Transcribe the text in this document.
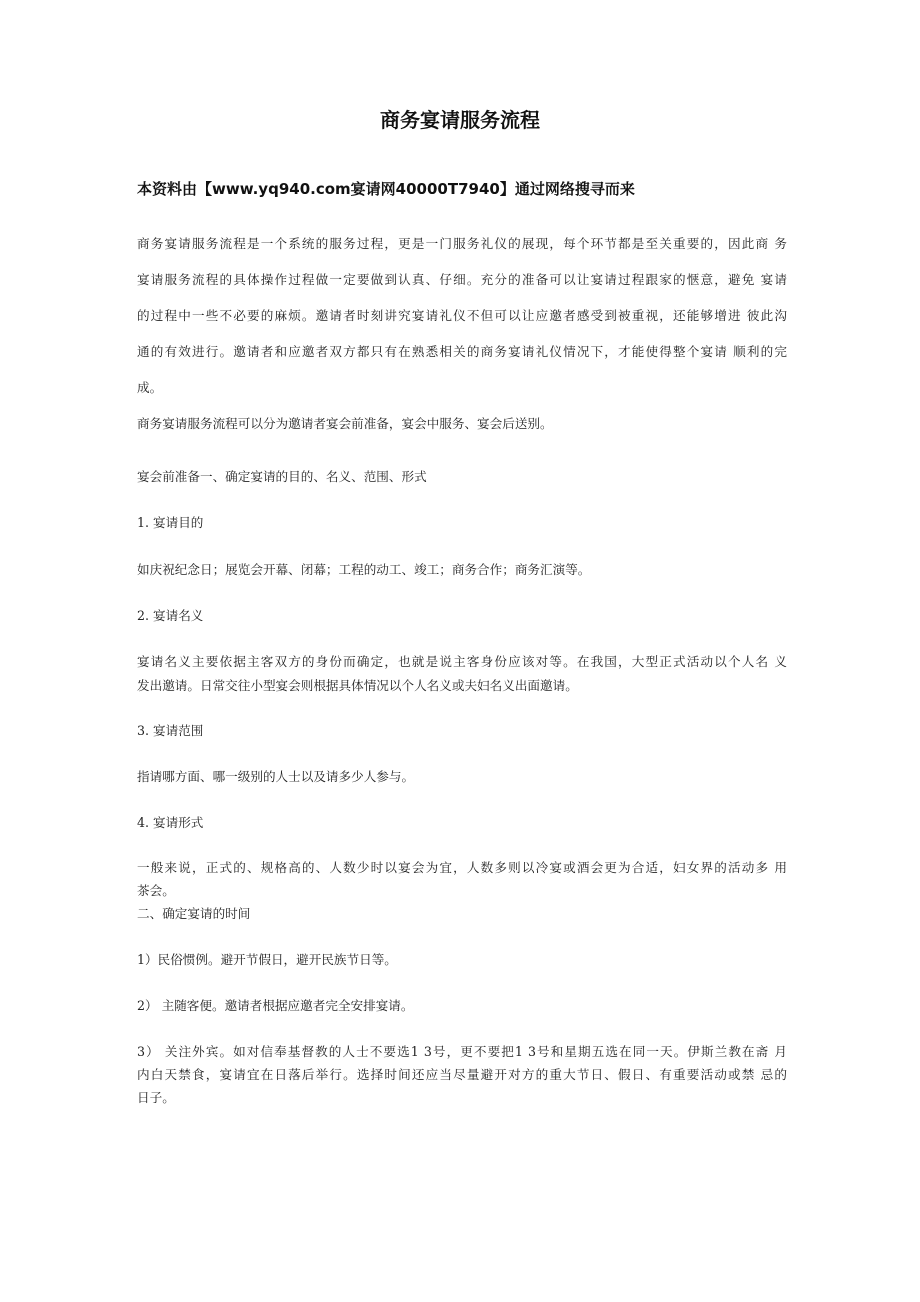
商务宴请服务流程
本资料由【www.yq940.com宴请网40000T7940】通过网络搜寻而来
商务宴请服务流程是一个系统的服务过程，更是一门服务礼仪的展现，每个环节都是至关重要的，因此商 务
宴请服务流程的具体操作过程做一定要做到认真、仔细。充分的准备可以让宴请过程跟家的惬意，避免 宴请
的过程中一些不必要的麻烦。邀请者时刻讲究宴请礼仪不但可以让应邀者感受到被重视，还能够增进 彼此沟
通的有效进行。邀请者和应邀者双方都只有在熟悉相关的商务宴请礼仪情况下，才能使得整个宴请 顺利的完
成。
商务宴请服务流程可以分为邀请者宴会前准备，宴会中服务、宴会后送别。
宴会前准备一、确定宴请的目的、名义、范围、形式
1. 宴请目的
如庆祝纪念日；展览会开幕、闭幕；工程的动工、竣工；商务合作；商务汇演等。
2. 宴请名义
宴请名义主要依据主客双方的身份而确定，也就是说主客身份应该对等。在我国，大型正式活动以个人名 义
发出邀请。日常交往小型宴会则根据具体情况以个人名义或夫妇名义出面邀请。
3. 宴请范围
指请哪方面、哪一级别的人士以及请多少人参与。
4. 宴请形式
一般来说，正式的、规格高的、人数少时以宴会为宜，人数多则以冷宴或酒会更为合适，妇女界的活动多 用
茶会。
二、确定宴请的时间
1）民俗惯例。避开节假日，避开民族节日等。
2） 主随客便。邀请者根据应邀者完全安排宴请。
3） 关注外宾。如对信奉基督教的人士不要选1 3号，更不要把1 3号和星期五选在同一天。伊斯兰教在斋 月
内白天禁食，宴请宜在日落后举行。选择时间还应当尽量避开对方的重大节日、假日、有重要活动或禁 忌的
日子。
